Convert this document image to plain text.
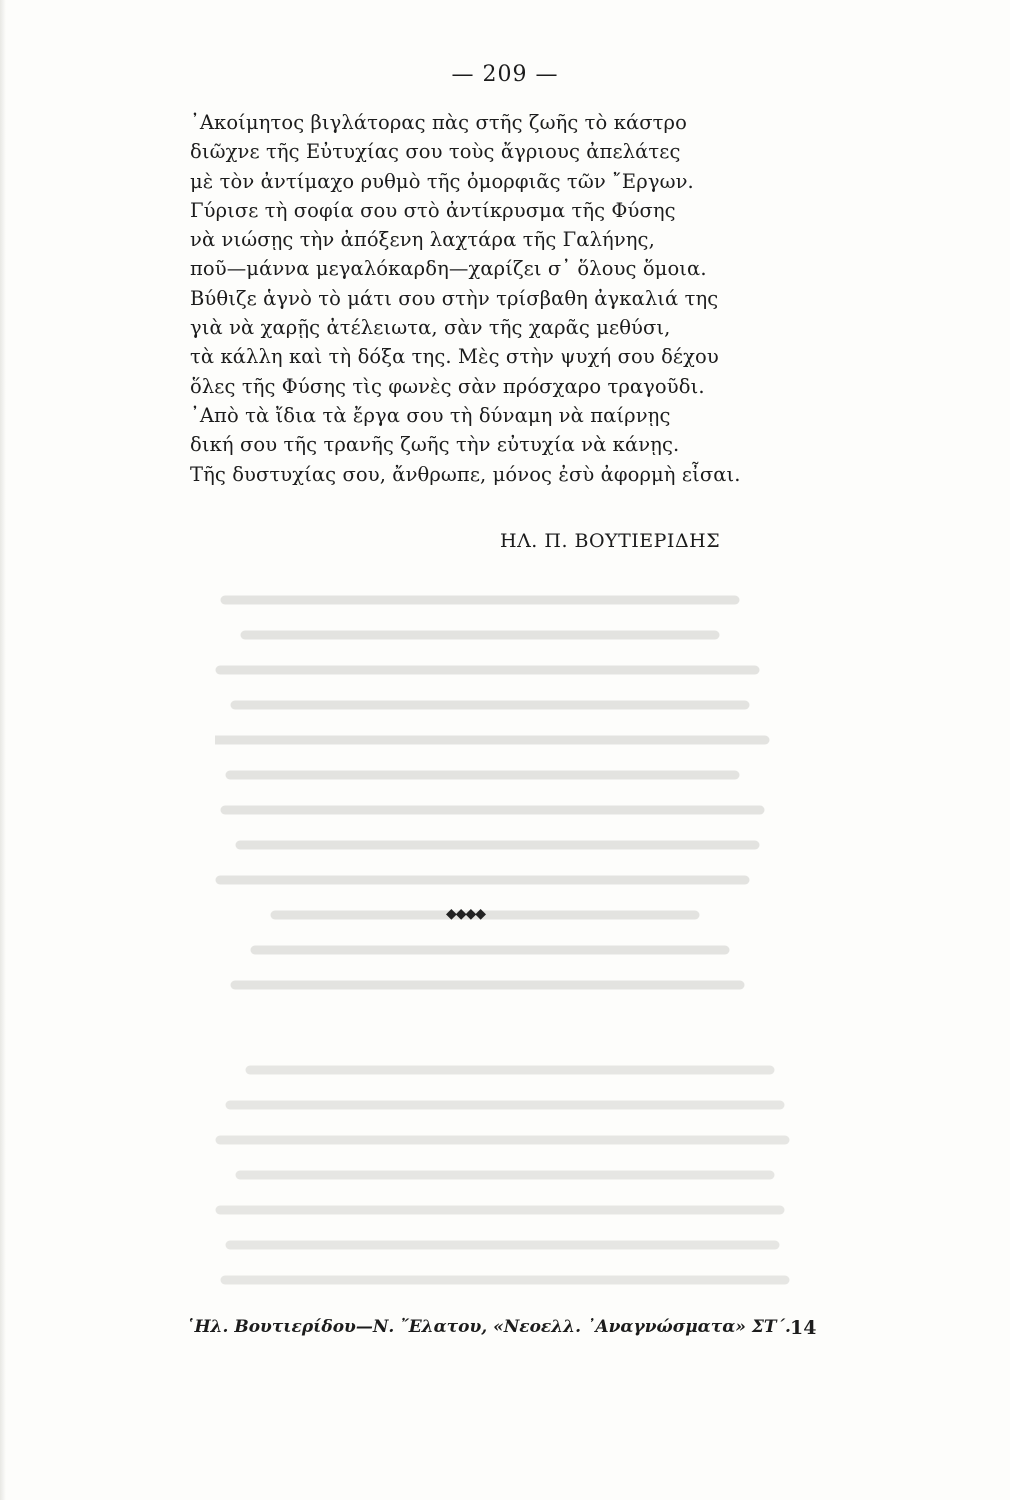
— 209 —
᾿Ακοίμητος βιγλάτορας πὰς στῆς ζωῆς τὸ κάστρο
διῶχνε τῆς Εὐτυχίας σου τοὺς ἄγριους ἀπελάτες
μὲ τὸν ἀντίμαχο ρυθμὸ τῆς ὀμορφιᾶς τῶν ῎Εργων.
Γύρισε τὴ σοφία σου στὸ ἀντίκρυσμα τῆς Φύσης
νὰ νιώσῃς τὴν ἀπόξενη λαχτάρα τῆς Γαλήνης,
ποῦ—μάννα μεγαλόκαρδη—χαρίζει σ᾿ ὅλους ὅμοια.
Βύθιζε ἁγνὸ τὸ μάτι σου στὴν τρίσβαθη ἀγκαλιά της
γιὰ νὰ χαρῇς ἀτέλειωτα, σὰν τῆς χαρᾶς μεθύσι,
τὰ κάλλη καὶ τὴ δόξα της. Μὲς στὴν ψυχή σου δέχου
ὅλες τῆς Φύσης τὶς φωνὲς σὰν πρόσχαρο τραγοῦδι.
᾿Απὸ τὰ ἴδια τὰ ἔργα σου τὴ δύναμη νὰ παίρνῃς
δική σου τῆς τρανῆς ζωῆς τὴν εὐτυχία νὰ κάνῃς.
Τῆς δυστυχίας σου, ἄνθρωπε, μόνος ἐσὺ ἀφορμὴ εἶσαι.
ΗΛ. Π. ΒΟΥΤΙΕΡΙΔΗΣ
◆◆◆◆
῾Ηλ. Βουτιερίδου—Ν. ῎Ελατου, «Νεοελλ. ᾿Αναγνώσματα» ΣΤ΄. 14
